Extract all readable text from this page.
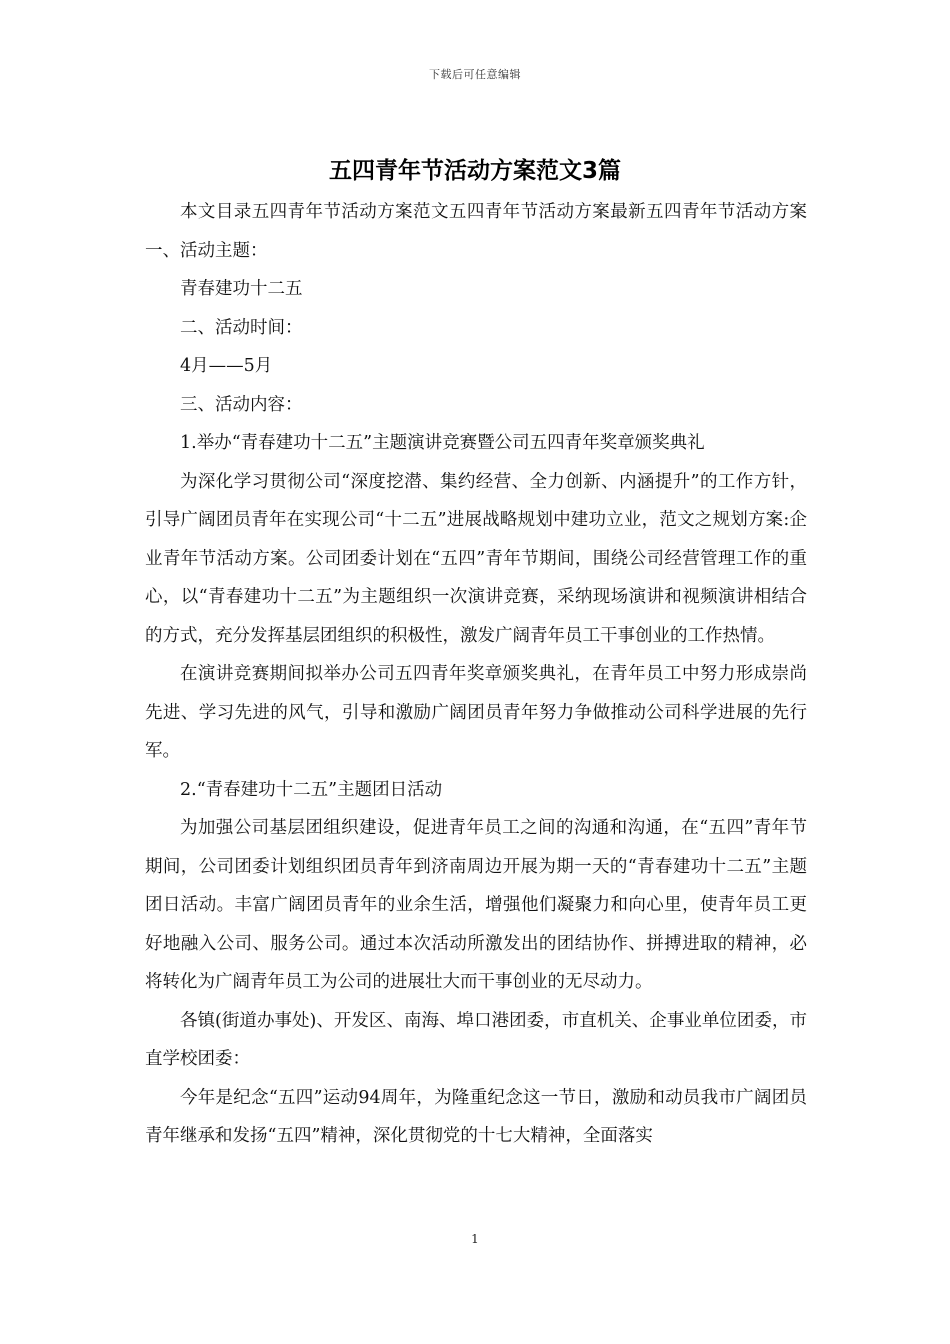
下载后可任意编辑
五四青年节活动方案范文3篇

本文目录五四青年节活动方案范文五四青年节活动方案最新五四青年节活动方案一、活动主题：

青春建功十二五

二、活动时间：

4月——5月

三、活动内容：

1.举办“青春建功十二五”主题演讲竞赛暨公司五四青年奖章颁奖典礼

为深化学习贯彻公司“深度挖潜、集约经营、全力创新、内涵提升”的工作方针，引导广阔团员青年在实现公司“十二五”进展战略规划中建功立业，范文之规划方案:企业青年节活动方案。公司团委计划在“五四”青年节期间，围绕公司经营管理工作的重心，以“青春建功十二五”为主题组织一次演讲竞赛，采纳现场演讲和视频演讲相结合的方式，充分发挥基层团组织的积极性，激发广阔青年员工干事创业的工作热情。

在演讲竞赛期间拟举办公司五四青年奖章颁奖典礼，在青年员工中努力形成崇尚先进、学习先进的风气，引导和激励广阔团员青年努力争做推动公司科学进展的先行军。

2.“青春建功十二五”主题团日活动

为加强公司基层团组织建设，促进青年员工之间的沟通和沟通，在“五四”青年节期间，公司团委计划组织团员青年到济南周边开展为期一天的“青春建功十二五”主题团日活动。丰富广阔团员青年的业余生活，增强他们凝聚力和向心里，使青年员工更好地融入公司、服务公司。通过本次活动所激发出的团结协作、拼搏进取的精神，必将转化为广阔青年员工为公司的进展壮大而干事创业的无尽动力。

各镇(街道办事处)、开发区、南海、埠口港团委，市直机关、企事业单位团委，市直学校团委：

今年是纪念“五四”运动94周年，为隆重纪念这一节日，激励和动员我市广阔团员青年继承和发扬“五四”精神，深化贯彻党的十七大精神，全面落实

1
